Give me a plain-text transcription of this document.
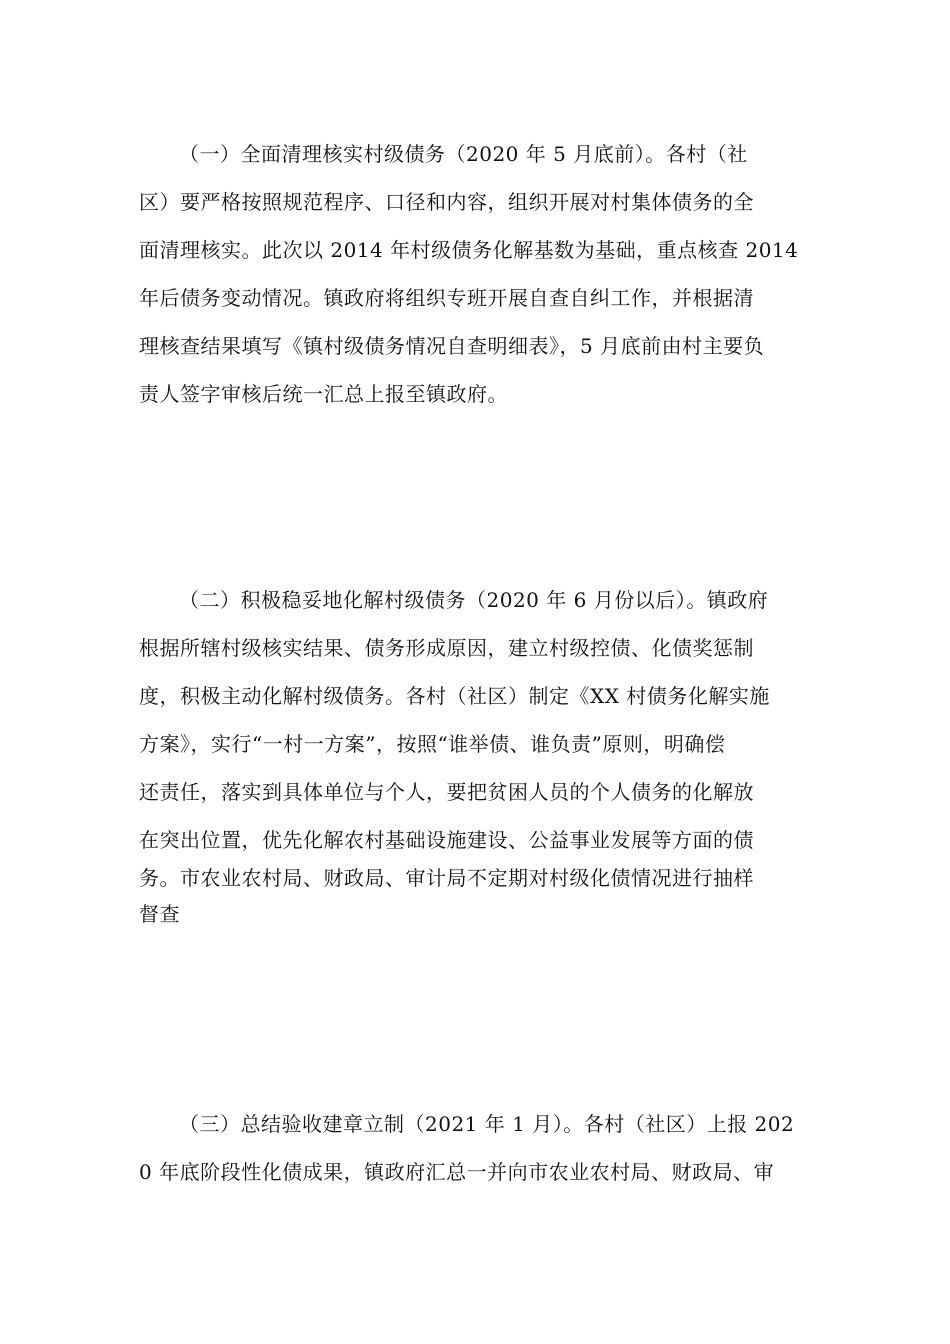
（一）全面清理核实村级债务（2020 年 5 月底前）。各村（社
区）要严格按照规范程序、口径和内容，组织开展对村集体债务的全
面清理核实。此次以 2014 年村级债务化解基数为基础，重点核查 2014
年后债务变动情况。镇政府将组织专班开展自查自纠工作，并根据清
理核查结果填写《镇村级债务情况自查明细表》，5 月底前由村主要负
责人签字审核后统一汇总上报至镇政府。
（二）积极稳妥地化解村级债务（2020 年 6 月份以后）。镇政府
根据所辖村级核实结果、债务形成原因，建立村级控债、化债奖惩制
度，积极主动化解村级债务。各村（社区）制定《XX 村债务化解实施
方案》，实行“一村一方案”，按照“谁举债、谁负责”原则，明确偿
还责任，落实到具体单位与个人，要把贫困人员的个人债务的化解放
在突出位置，优先化解农村基础设施建设、公益事业发展等方面的债
务。市农业农村局、财政局、审计局不定期对村级化债情况进行抽样
督查
（三）总结验收建章立制（2021 年 1 月）。各村（社区）上报 202
0 年底阶段性化债成果，镇政府汇总一并向市农业农村局、财政局、审
